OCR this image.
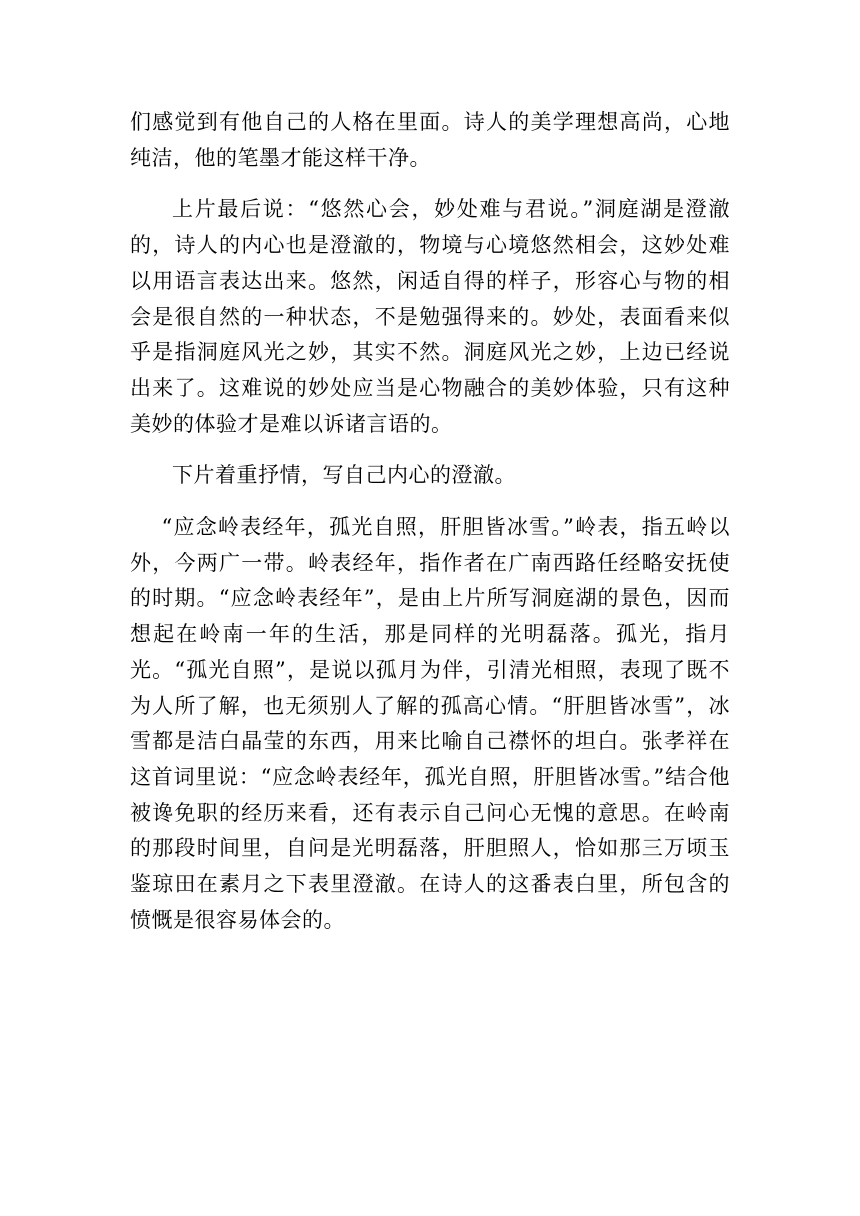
们感觉到有他自己的人格在里面。诗人的美学理想高尚，心地纯洁，他的笔墨才能这样干净。

上片最后说：“悠然心会，妙处难与君说。”洞庭湖是澄澈的，诗人的内心也是澄澈的，物境与心境悠然相会，这妙处难以用语言表达出来。悠然，闲适自得的样子，形容心与物的相会是很自然的一种状态，不是勉强得来的。妙处，表面看来似乎是指洞庭风光之妙，其实不然。洞庭风光之妙，上边已经说出来了。这难说的妙处应当是心物融合的美妙体验，只有这种美妙的体验才是难以诉诸言语的。

下片着重抒情，写自己内心的澄澈。

“应念岭表经年，孤光自照，肝胆皆冰雪。”岭表，指五岭以外，今两广一带。岭表经年，指作者在广南西路任经略安抚使的时期。“应念岭表经年”，是由上片所写洞庭湖的景色，因而想起在岭南一年的生活，那是同样的光明磊落。孤光，指月光。“孤光自照”，是说以孤月为伴，引清光相照，表现了既不为人所了解，也无须别人了解的孤高心情。“肝胆皆冰雪”，冰雪都是洁白晶莹的东西，用来比喻自己襟怀的坦白。张孝祥在这首词里说：“应念岭表经年，孤光自照，肝胆皆冰雪。”结合他被谗免职的经历来看，还有表示自己问心无愧的意思。在岭南的那段时间里，自问是光明磊落，肝胆照人，恰如那三万顷玉鉴琼田在素月之下表里澄澈。在诗人的这番表白里，所包含的愤慨是很容易体会的。
